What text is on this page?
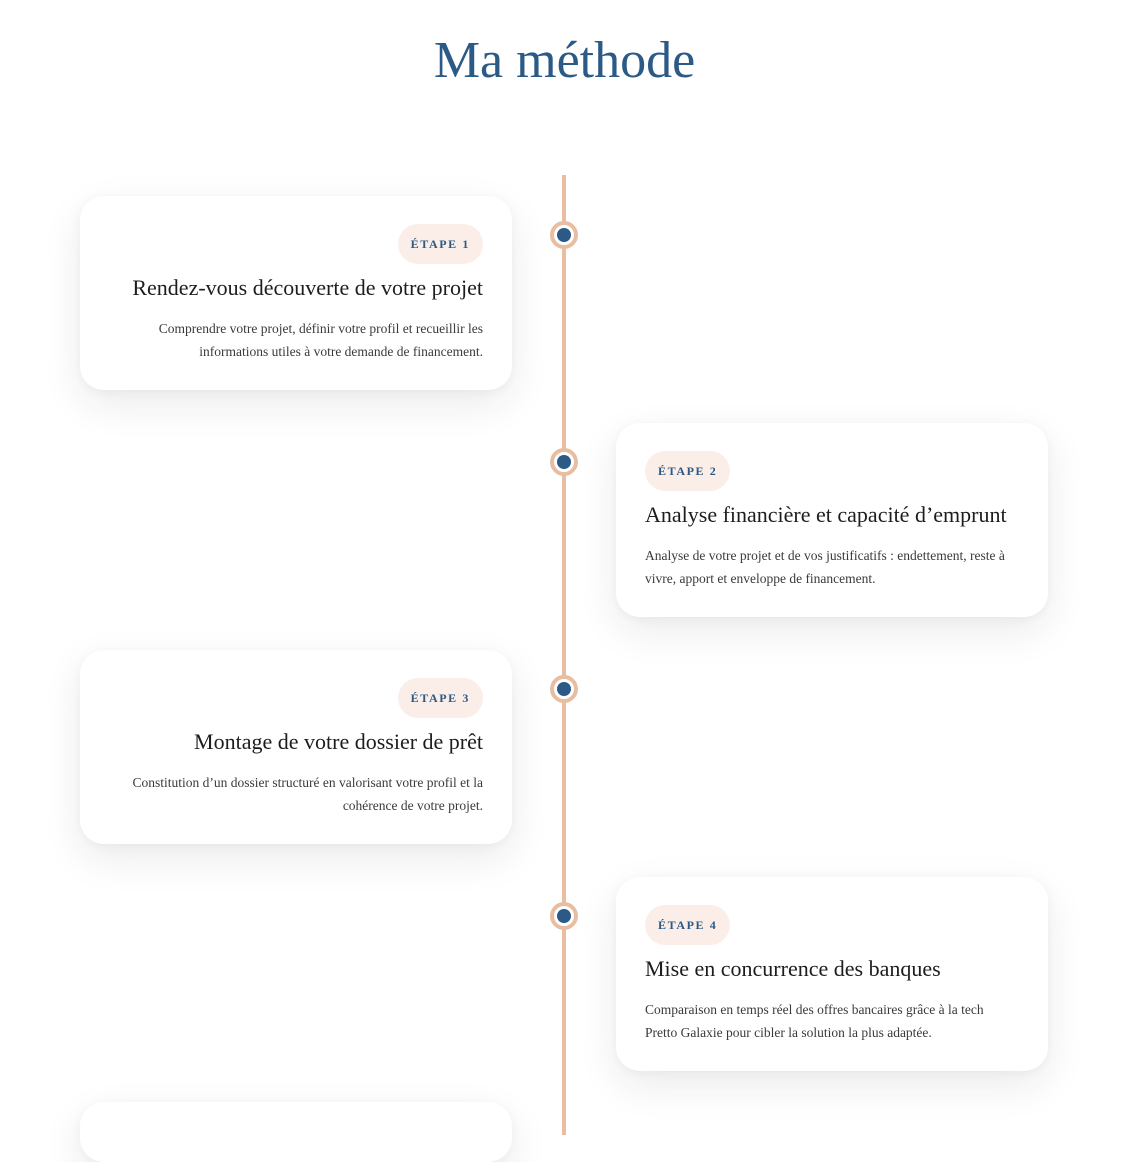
Ma méthode
ÉTAPE 1
Rendez-vous découverte de votre projet

Comprendre votre projet, définir votre profil et recueillir les informations utiles à votre demande de financement.

ÉTAPE 2
Analyse financière et capacité d’emprunt

Analyse de votre projet et de vos justificatifs : endettement, reste à vivre, apport et enveloppe de financement.

ÉTAPE 3
Montage de votre dossier de prêt

Constitution d’un dossier structuré en valorisant votre profil et la cohérence de votre projet.

ÉTAPE 4
Mise en concurrence des banques

Comparaison en temps réel des offres bancaires grâce à la tech Pretto Galaxie pour cibler la solution la plus adaptée.
